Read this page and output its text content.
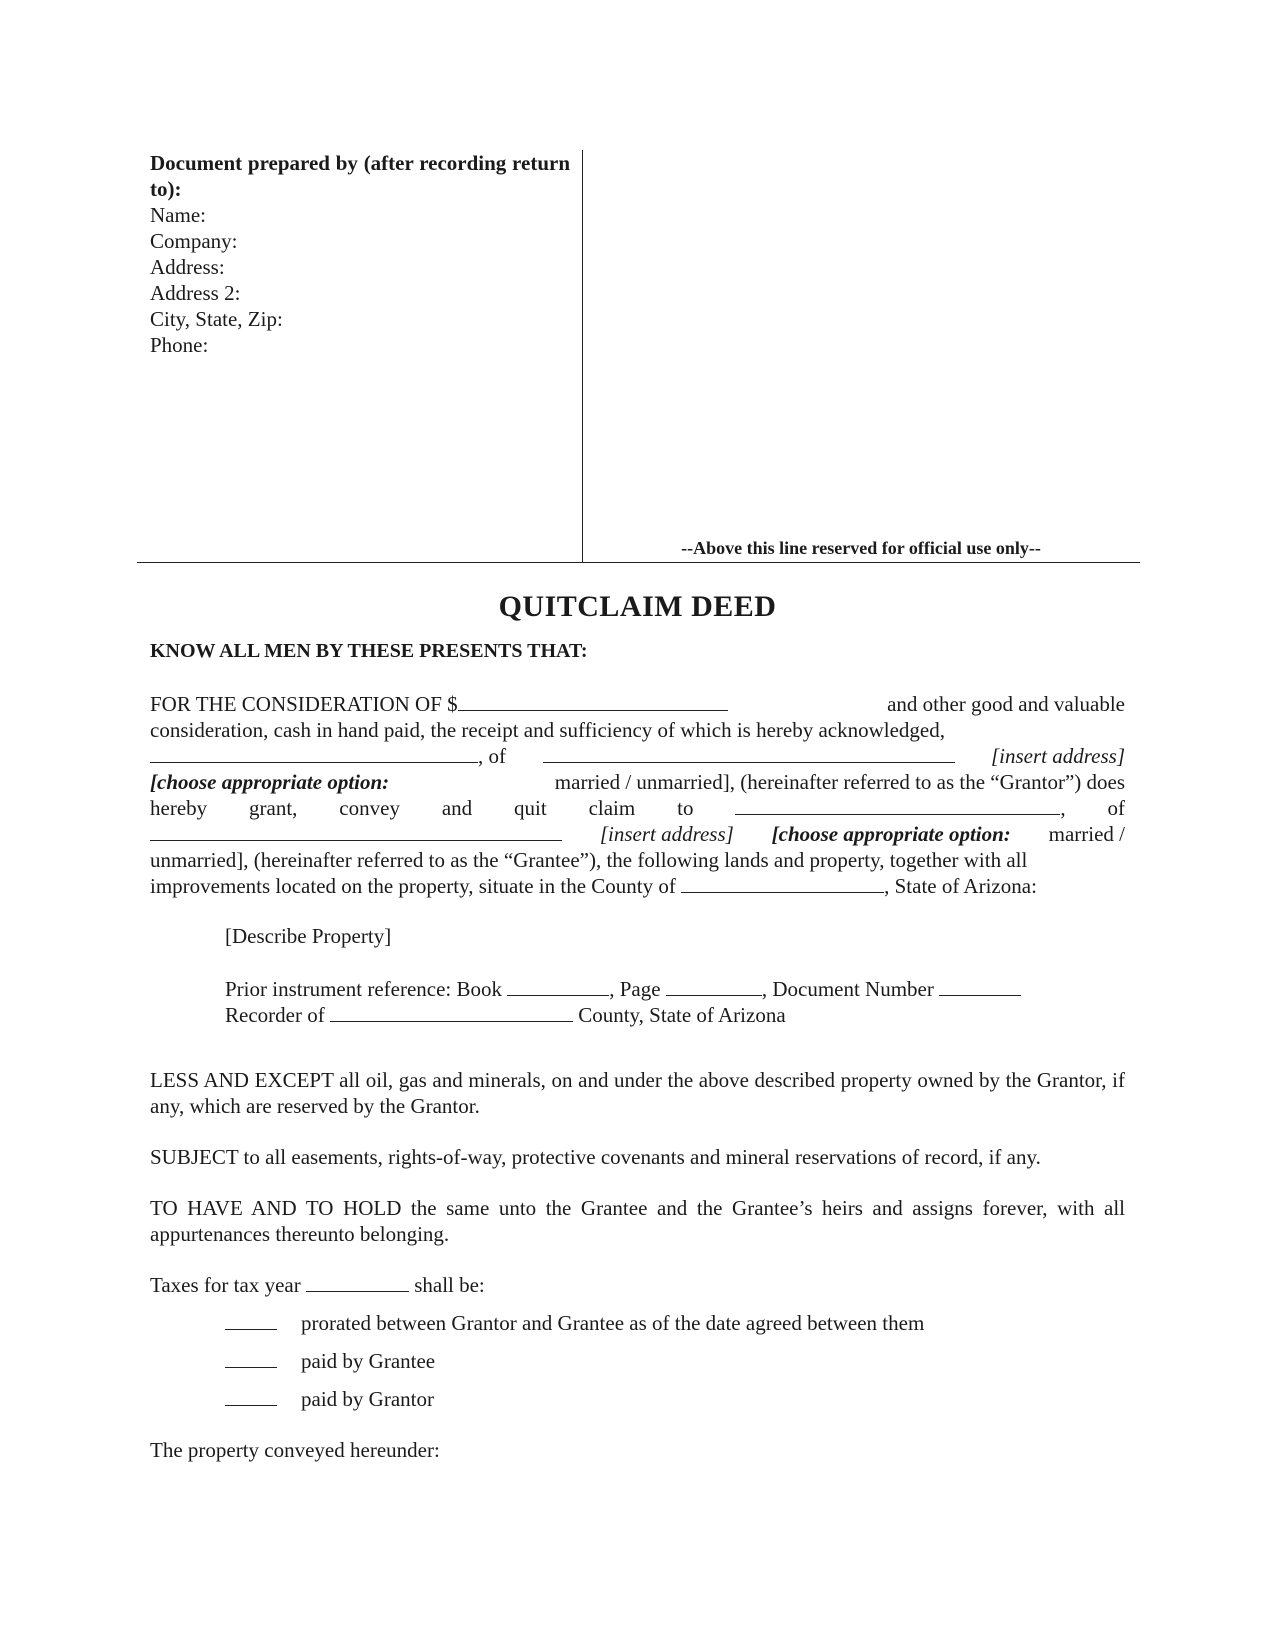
Document prepared by (after recording return to):
Name:
Company:
Address:
Address 2:
City, State, Zip:
Phone:
--Above this line reserved for official use only--
QUITCLAIM DEED
KNOW ALL MEN BY THESE PRESENTS THAT:
FOR THE CONSIDERATION OF $	and other good and valuable
consideration, cash in hand paid, the receipt and sufficiency of which is hereby acknowledged,
, of	[insert address]
[choose appropriate option:	married / unmarried], (hereinafter referred to as the “Grantor”) does
hereby grant, convey and quit claim to	, of
[insert address] [choose appropriate option: married /
unmarried], (hereinafter referred to as the “Grantee”), the following lands and property, together with all
improvements located on the property, situate in the County of	, State of Arizona:
[Describe Property]
Prior instrument reference: Book	, Page	, Document Number
Recorder of	County, State of Arizona
LESS AND EXCEPT all oil, gas and minerals, on and under the above described property owned by the Grantor, if any, which are reserved by the Grantor.
SUBJECT to all easements, rights-of-way, protective covenants and mineral reservations of record, if any.
TO HAVE AND TO HOLD the same unto the Grantee and the Grantee’s heirs and assigns forever, with all appurtenances thereunto belonging.
Taxes for tax year	shall be:
prorated between Grantor and Grantee as of the date agreed between them
paid by Grantee
paid by Grantor
The property conveyed hereunder:
